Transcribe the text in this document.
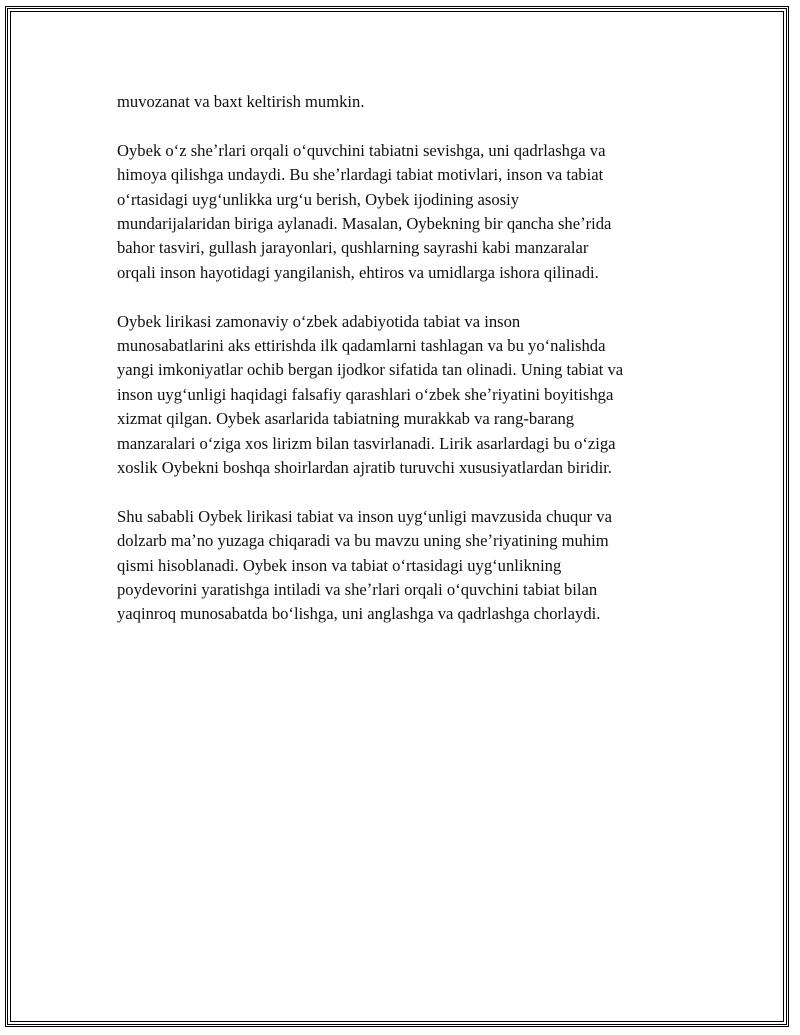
muvozanat va baxt keltirish mumkin.

Oybek oʻz sheʼrlari orqali oʻquvchini tabiatni sevishga, uni qadrlashga va
himoya qilishga undaydi. Bu sheʼrlardagi tabiat motivlari, inson va tabiat
oʻrtasidagi uygʻunlikka urgʻu berish, Oybek ijodining asosiy
mundarijalaridan biriga aylanadi. Masalan, Oybekning bir qancha sheʼrida
bahor tasviri, gullash jarayonlari, qushlarning sayrashi kabi manzaralar
orqali inson hayotidagi yangilanish, ehtiros va umidlarga ishora qilinadi.

Oybek lirikasi zamonaviy oʻzbek adabiyotida tabiat va inson
munosabatlarini aks ettirishda ilk qadamlarni tashlagan va bu yoʻnalishda
yangi imkoniyatlar ochib bergan ijodkor sifatida tan olinadi. Uning tabiat va
inson uygʻunligi haqidagi falsafiy qarashlari oʻzbek sheʼriyatini boyitishga
xizmat qilgan. Oybek asarlarida tabiatning murakkab va rang-barang
manzaralari oʻziga xos lirizm bilan tasvirlanadi. Lirik asarlardagi bu oʻziga
xoslik Oybekni boshqa shoirlardan ajratib turuvchi xususiyatlardan biridir.

Shu sababli Oybek lirikasi tabiat va inson uygʻunligi mavzusida chuqur va
dolzarb maʼno yuzaga chiqaradi va bu mavzu uning sheʼriyatining muhim
qismi hisoblanadi. Oybek inson va tabiat oʻrtasidagi uygʻunlikning
poydevorini yaratishga intiladi va sheʼrlari orqali oʻquvchini tabiat bilan
yaqinroq munosabatda boʻlishga, uni anglashga va qadrlashga chorlaydi.
